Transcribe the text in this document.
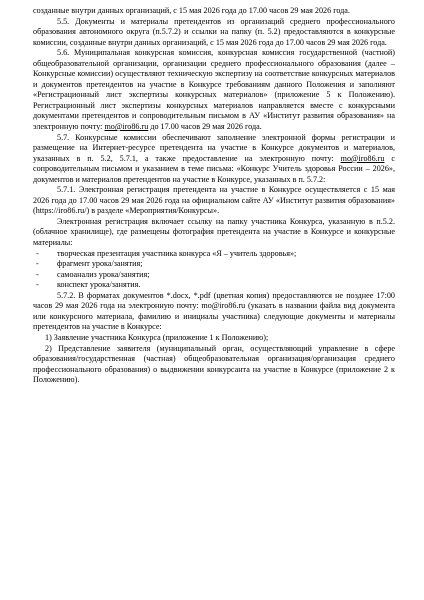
созданные внутри данных организаций, с 15 мая 2026 года до 17.00 часов 29 мая 2026 года.

5.5. Документы и материалы претендентов из организаций среднего профессионального образования автономного округа (п.5.7.2) и ссылки на папку (п. 5.2) предоставляются в конкурсные комиссии, созданные внутри данных организаций, с 15 мая 2026 года до 17.00 часов 29 мая 2026 года.

5.6. Муниципальная конкурсная комиссия, конкурсная комиссия государственной (частной) общеобразовательной организации, организации среднего профессионального образования (далее – Конкурсные комиссии) осуществляют техническую экспертизу на соответствие конкурсных материалов и документов претендентов на участие в Конкурсе требованиям данного Положения и заполняют «Регистрационный лист экспертизы конкурсных материалов» (приложение 5 к Положению). Регистрационный лист экспертизы конкурсных материалов направляется вместе с конкурсными документами претендентов и сопроводительным письмом в АУ «Институт развития образования» на электронную почту: mo@iro86.ru до 17.00 часов 29 мая 2026 года.

5.7. Конкурсные комиссии обеспечивают заполнение электронной формы регистрации и размещение на Интернет-ресурсе претендента на участие в Конкурсе документов и материалов, указанных в п. 5.2, 5.7.1, а также предоставление на электронную почту: mo@iro86.ru с сопроводительным письмом и указанием в теме письма: «Конкурс Учитель здоровья России – 2026», документов и материалов претендентов на участие в Конкурсе, указанных в п. 5.7.2:

5.7.1. Электронная регистрация претендента на участие в Конкурсе осуществляется с 15 мая 2026 года до 17.00 часов 29 мая 2026 года на официальном сайте АУ «Институт развития образования» (https://iro86.ru/) в разделе «Мероприятия/Конкурсы».

Электронная регистрация включает ссылку на папку участника Конкурса, указанную в п.5.2. (облачное хранилище), где размещены фотография претендента на участие в Конкурсе и конкурсные материалы:

- творческая презентация участника конкурса «Я – учитель здоровья»;
- фрагмент урока/занятия;
- самоанализ урока/занятия;
- конспект урока/занятия.

5.7.2. В форматах документов *.docx, *.pdf (цветная копия) предоставляются не позднее 17:00 часов 29 мая 2026 года на электронную почту: mo@iro86.ru (указать в названии файла вид документа или конкурсного материала, фамилию и инициалы участника) следующие документы и материалы претендентов на участие в Конкурсе:

1) Заявление участника Конкурса (приложение 1 к Положению);

2) Представление заявителя (муниципальный орган, осуществляющий управление в сфере образования/государственная (частная) общеобразовательная организация/организация среднего профессионального образования) о выдвижении конкурсанта на участие в Конкурсе (приложение 2 к Положению).
